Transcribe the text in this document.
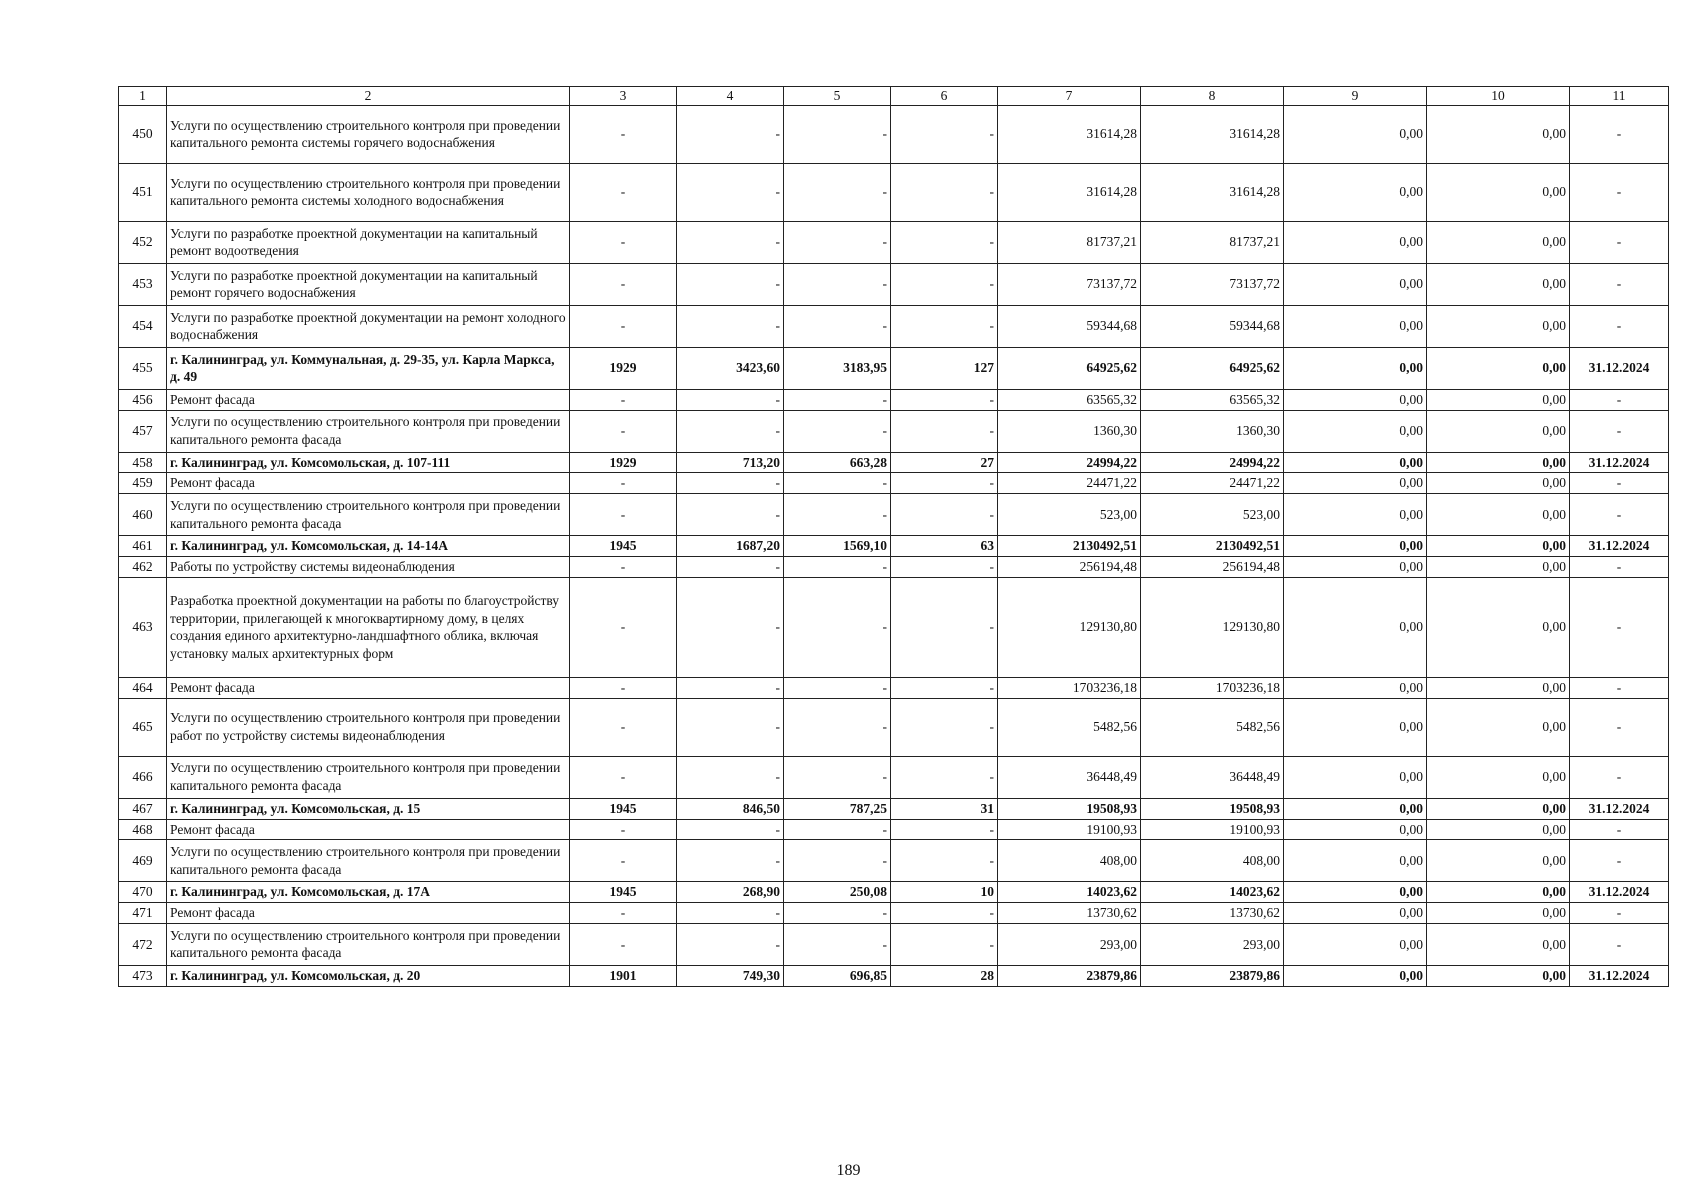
1	2	3	4	5	6	7	8	9	10	11
450	Услуги по осуществлению строительного контроля при проведении капитального ремонта системы горячего водоснабжения	-	-	-	-	31614,28	31614,28	0,00	0,00	-
451	Услуги по осуществлению строительного контроля при проведении капитального ремонта системы холодного водоснабжения	-	-	-	-	31614,28	31614,28	0,00	0,00	-
452	Услуги по разработке проектной документации на капитальный ремонт водоотведения	-	-	-	-	81737,21	81737,21	0,00	0,00	-
453	Услуги по разработке проектной документации на капитальный ремонт горячего водоснабжения	-	-	-	-	73137,72	73137,72	0,00	0,00	-
454	Услуги по разработке проектной документации на ремонт холодного водоснабжения	-	-	-	-	59344,68	59344,68	0,00	0,00	-
455	г. Калининград, ул. Коммунальная, д. 29-35, ул. Карла Маркса, д. 49	1929	3423,60	3183,95	127	64925,62	64925,62	0,00	0,00	31.12.2024
456	Ремонт фасада	-	-	-	-	63565,32	63565,32	0,00	0,00	-
457	Услуги по осуществлению строительного контроля при проведении капитального ремонта фасада	-	-	-	-	1360,30	1360,30	0,00	0,00	-
458	г. Калининград, ул. Комсомольская, д. 107-111	1929	713,20	663,28	27	24994,22	24994,22	0,00	0,00	31.12.2024
459	Ремонт фасада	-	-	-	-	24471,22	24471,22	0,00	0,00	-
460	Услуги по осуществлению строительного контроля при проведении капитального ремонта фасада	-	-	-	-	523,00	523,00	0,00	0,00	-
461	г. Калининград, ул. Комсомольская, д. 14-14А	1945	1687,20	1569,10	63	2130492,51	2130492,51	0,00	0,00	31.12.2024
462	Работы по устройству системы видеонаблюдения	-	-	-	-	256194,48	256194,48	0,00	0,00	-
463	Разработка проектной документации на работы по благоустройству территории, прилегающей к многоквартирному дому, в целях создания единого архитектурно-ландшафтного облика, включая установку малых архитектурных форм	-	-	-	-	129130,80	129130,80	0,00	0,00	-
464	Ремонт фасада	-	-	-	-	1703236,18	1703236,18	0,00	0,00	-
465	Услуги по осуществлению строительного контроля при проведении работ по устройству системы видеонаблюдения	-	-	-	-	5482,56	5482,56	0,00	0,00	-
466	Услуги по осуществлению строительного контроля при проведении капитального ремонта фасада	-	-	-	-	36448,49	36448,49	0,00	0,00	-
467	г. Калининград, ул. Комсомольская, д. 15	1945	846,50	787,25	31	19508,93	19508,93	0,00	0,00	31.12.2024
468	Ремонт фасада	-	-	-	-	19100,93	19100,93	0,00	0,00	-
469	Услуги по осуществлению строительного контроля при проведении капитального ремонта фасада	-	-	-	-	408,00	408,00	0,00	0,00	-
470	г. Калининград, ул. Комсомольская, д. 17А	1945	268,90	250,08	10	14023,62	14023,62	0,00	0,00	31.12.2024
471	Ремонт фасада	-	-	-	-	13730,62	13730,62	0,00	0,00	-
472	Услуги по осуществлению строительного контроля при проведении капитального ремонта фасада	-	-	-	-	293,00	293,00	0,00	0,00	-
473	г. Калининград, ул. Комсомольская, д. 20	1901	749,30	696,85	28	23879,86	23879,86	0,00	0,00	31.12.2024
189
